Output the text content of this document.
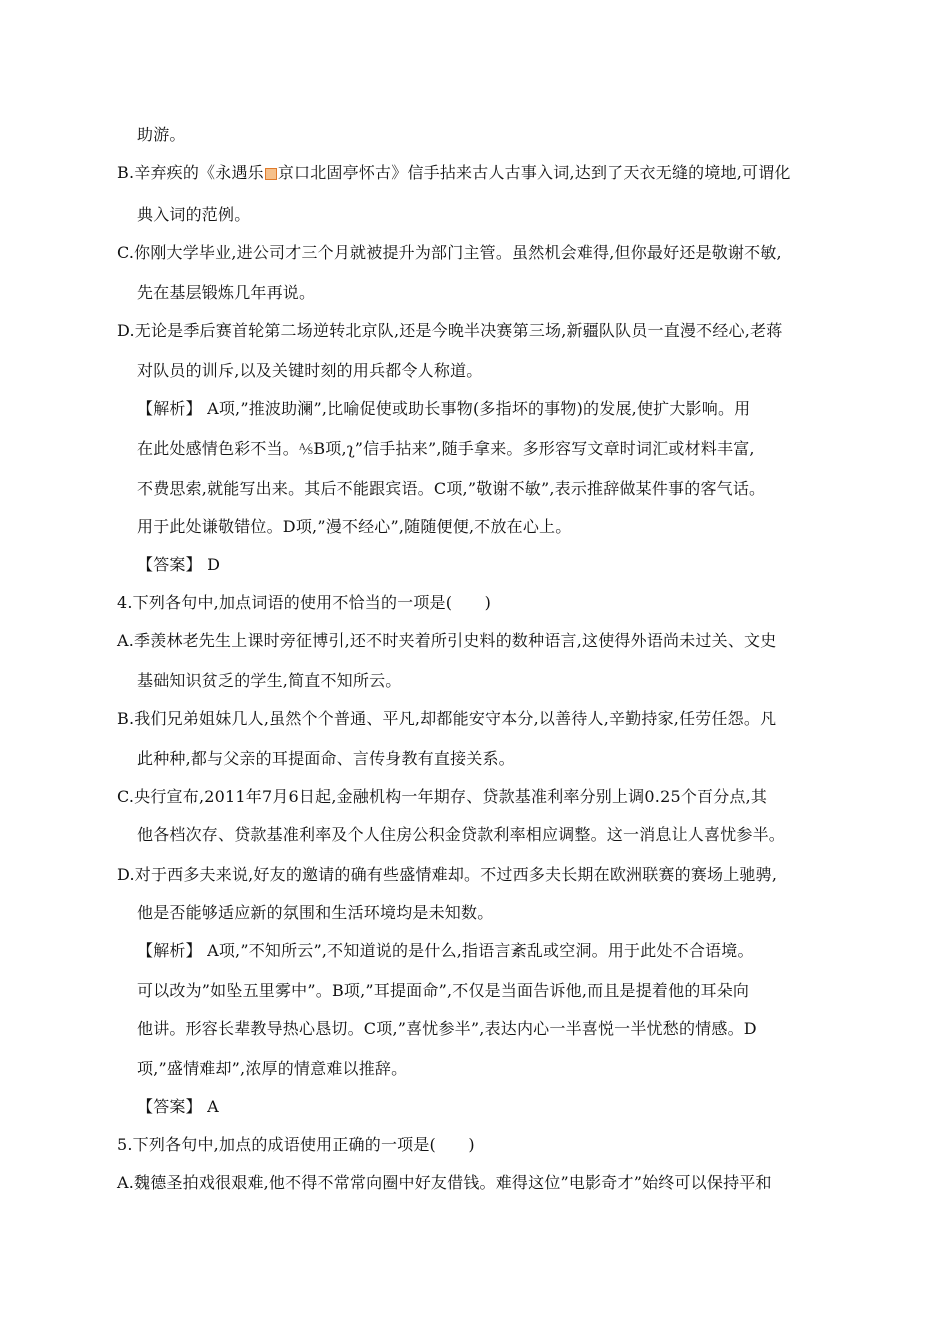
助游。
B.辛弃疾的《永遇乐 京口北固亭怀古》信手拈来古人古事入词,达到了天衣无缝的境地,可谓化
典入词的范例。
C.你刚大学毕业,进公司才三个月就被提升为部门主管。虽然机会难得,但你最好还是敬谢不敏,
先在基层锻炼几年再说。
D.无论是季后赛首轮第二场逆转北京队,还是今晚半决赛第三场,新疆队队员一直漫不经心,老蒋
对队员的训斥,以及关键时刻的用兵都令人称道。
【解析】 A项,”推波助澜”,比喻促使或助长事物(多指坏的事物)的发展,使扩大影响。用
在此处感情色彩不当。⅍B项,ʅ”信手拈来”,随手拿来。多形容写文章时词汇或材料丰富,
不费思索,就能写出来。其后不能跟宾语。C项,”敬谢不敏”,表示推辞做某件事的客气话。
用于此处谦敬错位。D项,”漫不经心”,随随便便,不放在心上。
【答案】 D
4.下列各句中,加点词语的使用不恰当的一项是(　　)
A.季羡林老先生上课时旁征博引,还不时夹着所引史料的数种语言,这使得外语尚未过关、文史
基础知识贫乏的学生,简直不知所云。
B.我们兄弟姐妹几人,虽然个个普通、平凡,却都能安守本分,以善待人,辛勤持家,任劳任怨。凡
此种种,都与父亲的耳提面命、言传身教有直接关系。
C.央行宣布,2011年7月6日起,金融机构一年期存、贷款基准利率分别上调0.25个百分点,其
他各档次存、贷款基准利率及个人住房公积金贷款利率相应调整。这一消息让人喜忧参半。
D.对于西多夫来说,好友的邀请的确有些盛情难却。不过西多夫长期在欧洲联赛的赛场上驰骋,
他是否能够适应新的氛围和生活环境均是未知数。
【解析】 A项,”不知所云”,不知道说的是什么,指语言紊乱或空洞。用于此处不合语境。
可以改为”如坠五里雾中”。B项,”耳提面命”,不仅是当面告诉他,而且是提着他的耳朵向
他讲。形容长辈教导热心恳切。C项,”喜忧参半”,表达内心一半喜悦一半忧愁的情感。D
项,”盛情难却”,浓厚的情意难以推辞。
【答案】 A
5.下列各句中,加点的成语使用正确的一项是(　　)
A.魏德圣拍戏很艰难,他不得不常常向圈中好友借钱。难得这位”电影奇才”始终可以保持平和
